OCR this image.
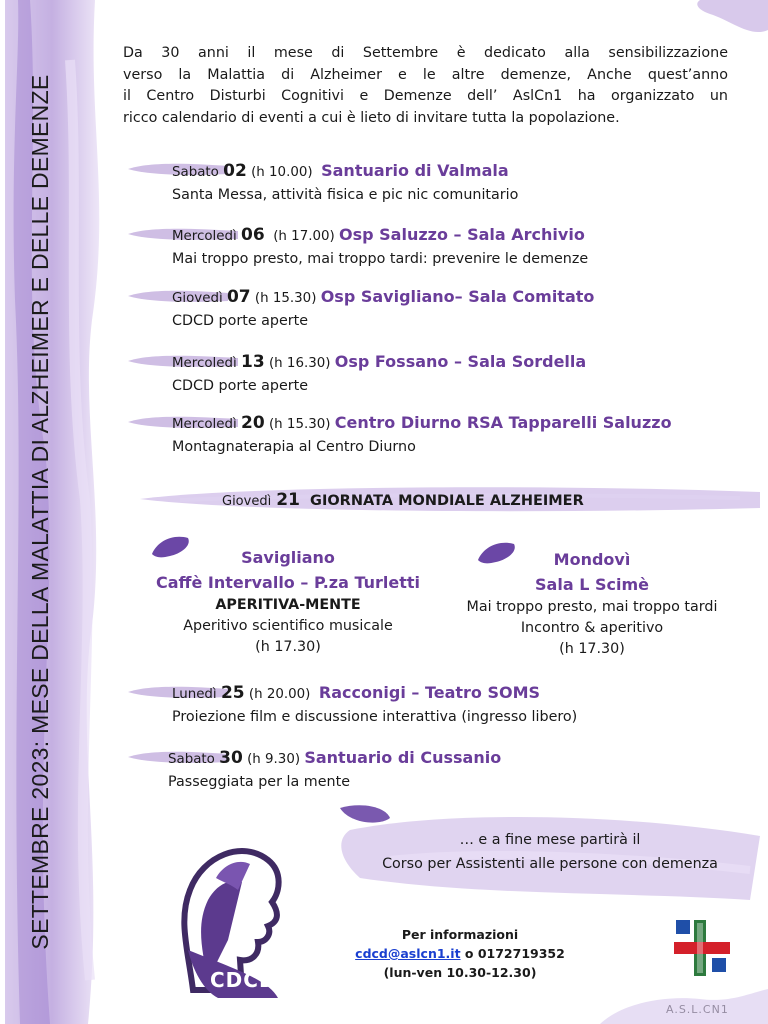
SETTEMBRE 2023: MESE DELLA MALATTIA DI ALZHEIMER E DELLE DEMENZE
Da 30 anni il mese di Settembre è dedicato alla sensibilizzazione
verso la Malattia di Alzheimer e le altre demenze, Anche quest’anno
il Centro Disturbi Cognitivi e Demenze dell’ AslCn1 ha organizzato un
ricco calendario di eventi a cui è lieto di invitare tutta la popolazione.
Sabato 02 (h 10.00) Santuario di Valmala
Santa Messa, attività fisica e pic nic comunitario
Mercoledì 06 (h 17.00) Osp Saluzzo – Sala Archivio
Mai troppo presto, mai troppo tardi: prevenire le demenze
Giovedì 07 (h 15.30) Osp Savigliano– Sala Comitato
CDCD porte aperte
Mercoledì 13 (h 16.30) Osp Fossano – Sala Sordella
CDCD porte aperte
Mercoledì 20 (h 15.30) Centro Diurno RSA Tapparelli Saluzzo
Montagnaterapia al Centro Diurno
Giovedì 21 GIORNATA MONDIALE ALZHEIMER
Savigliano
Caffè Intervallo – P.za Turletti
APERITIVA-MENTE
Aperitivo scientifico musicale
(h 17.30)
Mondovì
Sala L Scimè
Mai troppo presto, mai troppo tardi
Incontro & aperitivo
(h 17.30)
Lunedì 25 (h 20.00) Racconigi – Teatro SOMS
Proiezione film e discussione interattiva (ingresso libero)
Sabato 30 (h 9.30) Santuario di Cussanio
Passeggiata per la mente
… e a fine mese partirà il
Corso per Assistenti alle persone con demenza
CDCD
Per informazioni
cdcd@aslcn1.it o 0172719352
(lun-ven 10.30-12.30)
